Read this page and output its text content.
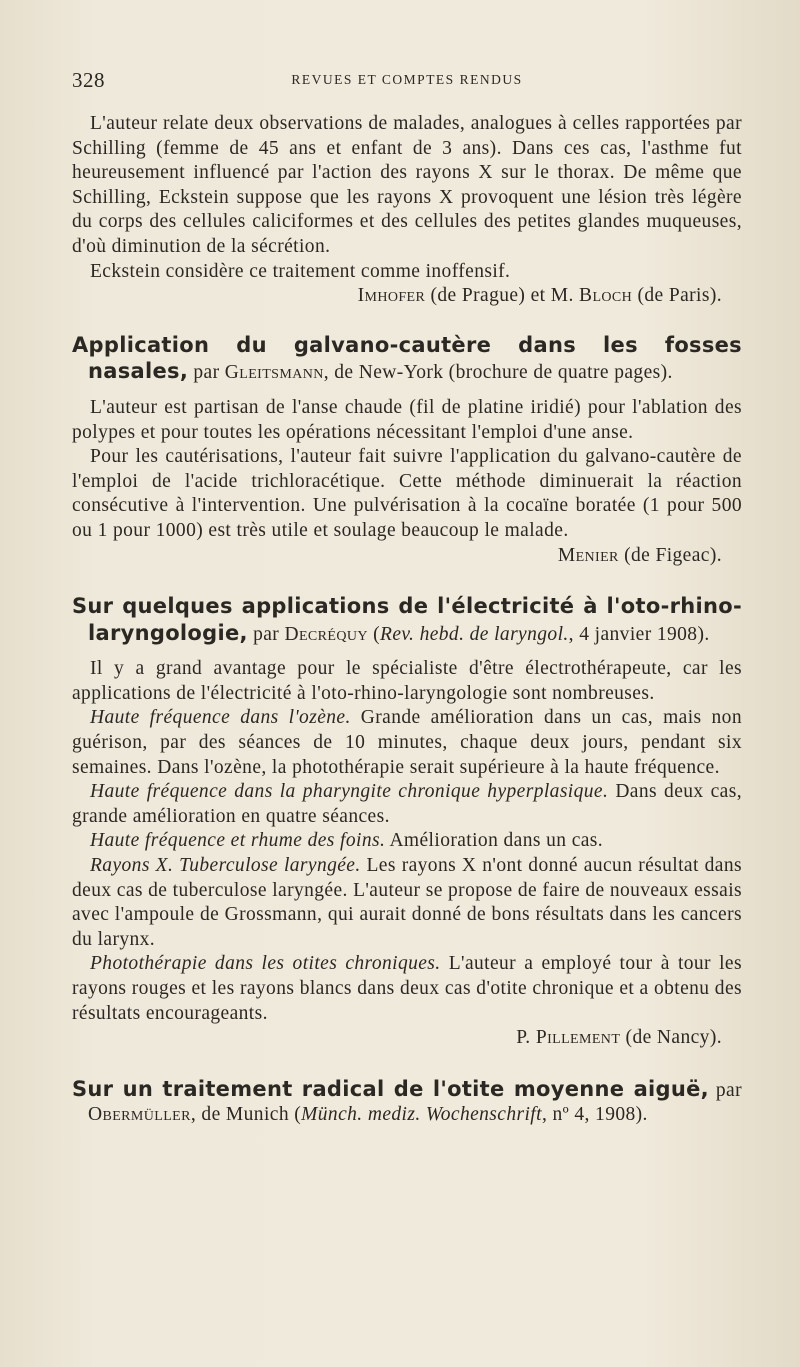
328	REVUES ET COMPTES RENDUS

L'auteur relate deux observations de malades, analogues à celles rapportées par Schilling (femme de 45 ans et enfant de 3 ans). Dans ces cas, l'asthme fut heureusement influencé par l'action des rayons X sur le thorax. De même que Schilling, Eckstein suppose que les rayons X provoquent une lésion très légère du corps des cellules caliciformes et des cellules des petites glandes muqueuses, d'où diminution de la sécrétion.

Eckstein considère ce traitement comme inoffensif.

Imhofer (de Prague) et M. Bloch (de Paris).
Application du galvano-cautère dans les fosses nasales, par Gleitsmann, de New-York (brochure de quatre pages).

L'auteur est partisan de l'anse chaude (fil de platine iridié) pour l'ablation des polypes et pour toutes les opérations nécessitant l'emploi d'une anse.

Pour les cautérisations, l'auteur fait suivre l'application du galvano-cautère de l'emploi de l'acide trichloracétique. Cette méthode diminuerait la réaction consécutive à l'intervention. Une pulvérisation à la cocaïne boratée (1 pour 500 ou 1 pour 1000) est très utile et soulage beaucoup le malade.

Menier (de Figeac).
Sur quelques applications de l'électricité à l'oto-rhino-laryngologie, par Decréquy (Rev. hebd. de laryngol., 4 janvier 1908).

Il y a grand avantage pour le spécialiste d'être électrothérapeute, car les applications de l'électricité à l'oto-rhino-laryngologie sont nombreuses.

Haute fréquence dans l'ozène. Grande amélioration dans un cas, mais non guérison, par des séances de 10 minutes, chaque deux jours, pendant six semaines. Dans l'ozène, la photothérapie serait supérieure à la haute fréquence.

Haute fréquence dans la pharyngite chronique hyperplasique. Dans deux cas, grande amélioration en quatre séances.

Haute fréquence et rhume des foins. Amélioration dans un cas.

Rayons X. Tuberculose laryngée. Les rayons X n'ont donné aucun résultat dans deux cas de tuberculose laryngée. L'auteur se propose de faire de nouveaux essais avec l'ampoule de Grossmann, qui aurait donné de bons résultats dans les cancers du larynx.

Photothérapie dans les otites chroniques. L'auteur a employé tour à tour les rayons rouges et les rayons blancs dans deux cas d'otite chronique et a obtenu des résultats encourageants.

P. Pillement (de Nancy).
Sur un traitement radical de l'otite moyenne aiguë, par Obermüller, de Munich (Münch. mediz. Wochenschrift, nº 4, 1908).
